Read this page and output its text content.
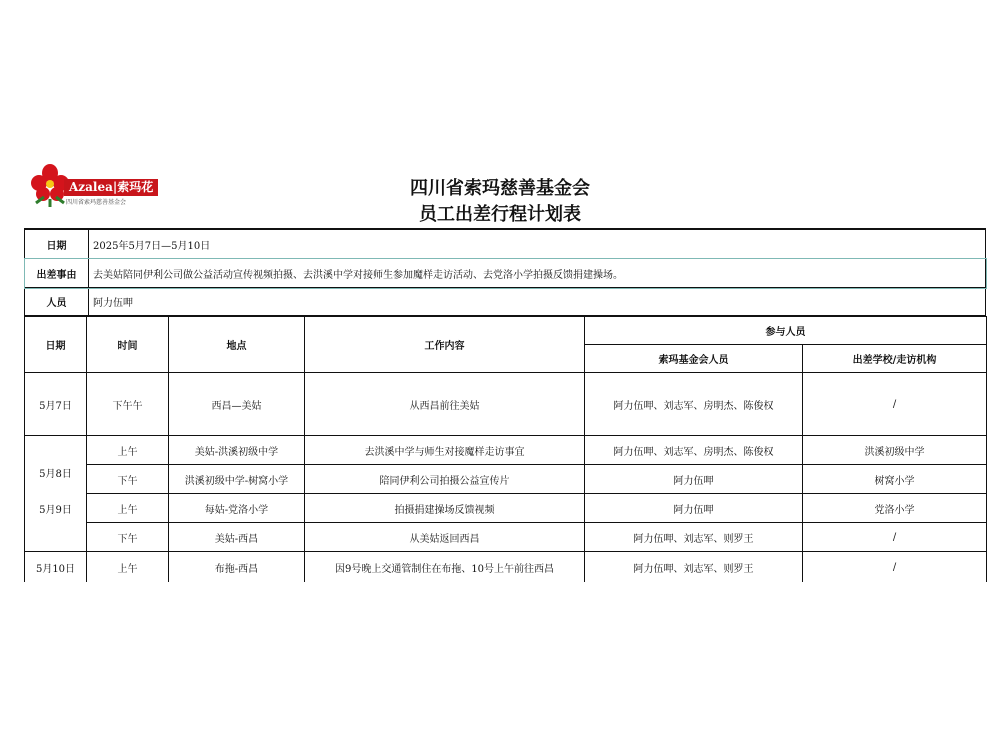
Azalea|索玛花
四川省索玛慈善基金会
四川省索玛慈善基金会
员工出差行程计划表
日期	2025年5月7日—5月10日
出差事由	去美姑陪同伊利公司做公益活动宣传视频拍摄、去洪溪中学对接师生参加魔样走访活动、去党洛小学拍摄反馈捐建操场。
人员	阿力伍呷
日期	时间	地点	工作内容	参与人员	
				索玛基金会人员	出差学校/走访机构
5月7日	下午午	西昌—美姑	从西昌前往美姑	阿力伍呷、刘志军、房明杰、陈俊权	/
	上午	美姑-洪溪初级中学	去洪溪中学与师生对接魔样走访事宜	阿力伍呷、刘志军、房明杰、陈俊权	洪溪初级中学
5月8日	下午	洪溪初级中学-树窝小学	陪同伊利公司拍摄公益宣传片	阿力伍呷	树窝小学
5月9日	上午	每姑-党洛小学	拍摄捐建操场反馈视频	阿力伍呷	党洛小学
	下午	美姑-西昌	从美姑返回西昌	阿力伍呷、刘志军、则罗王	/
5月10日	上午	布拖-西昌	因9号晚上交通管制住在布拖、10号上午前往西昌	阿力伍呷、刘志军、则罗王	/
